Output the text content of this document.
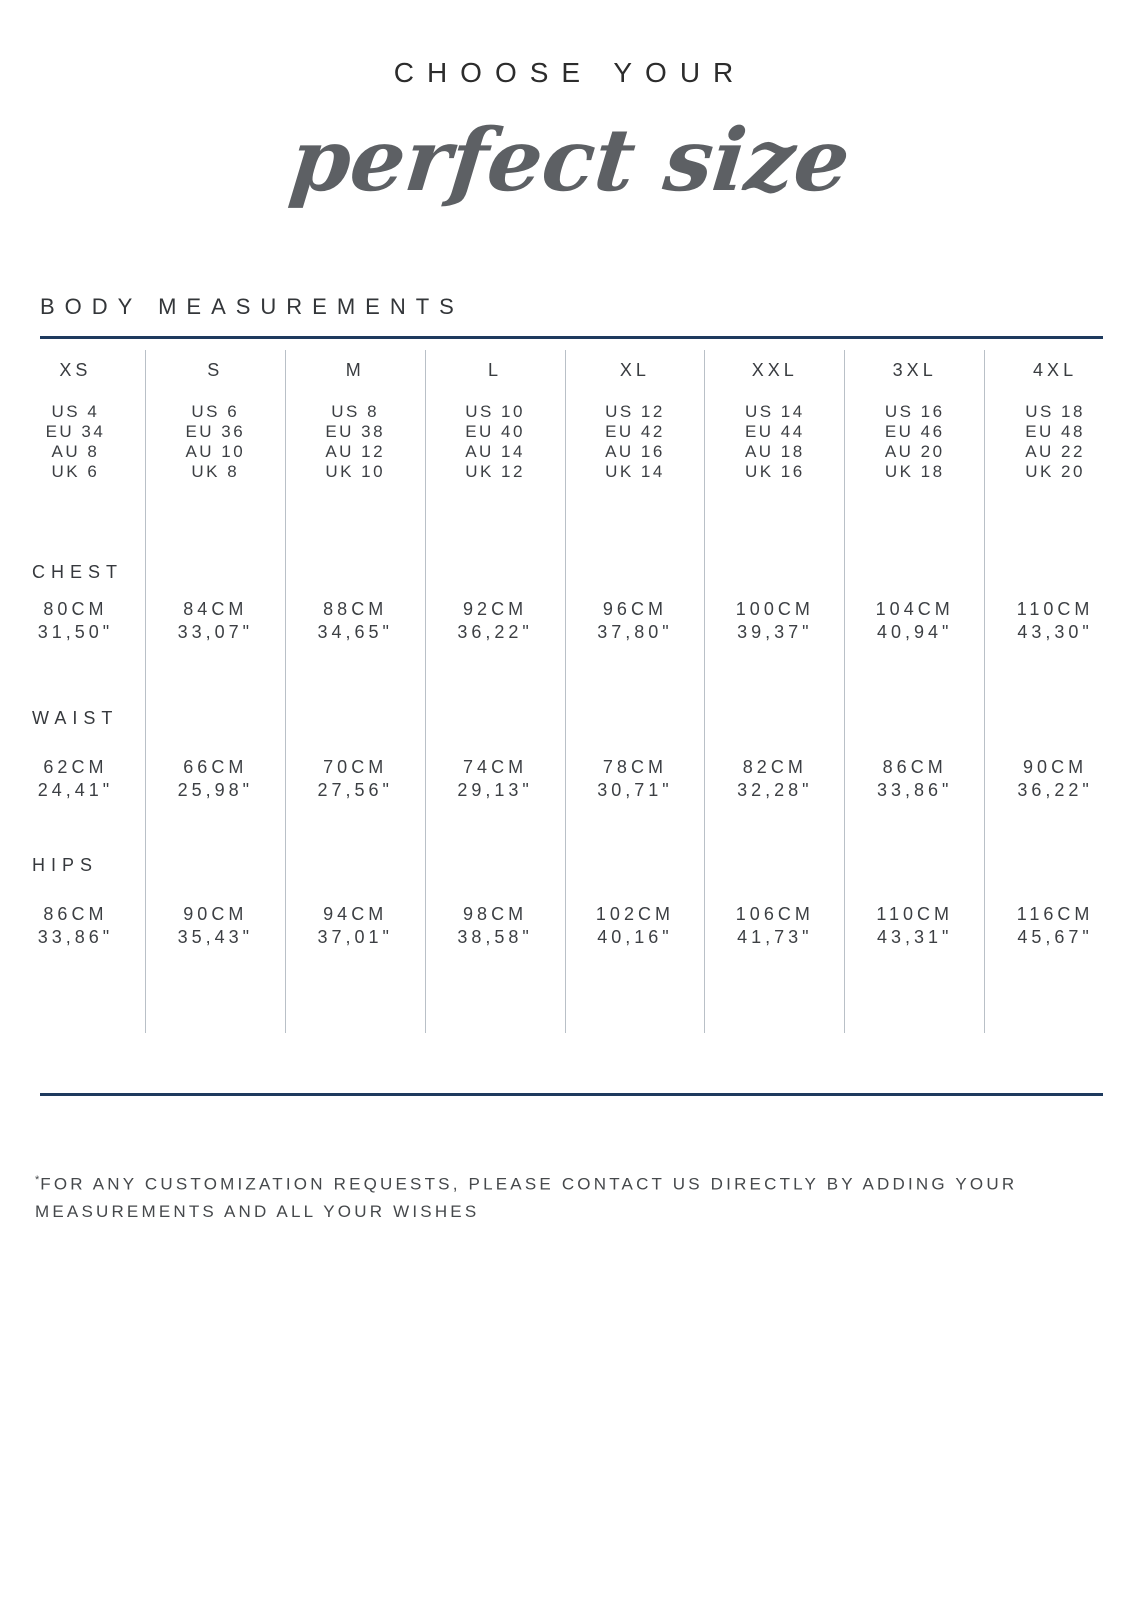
CHOOSE YOUR
perfect size
BODY MEASUREMENTS
XS
US 4
EU 34
AU 8
UK 6
80CM
31,50"
62CM
24,41"
86CM
33,86"
S
US 6
EU 36
AU 10
UK 8
84CM
33,07"
66CM
25,98"
90CM
35,43"
M
US 8
EU 38
AU 12
UK 10
88CM
34,65"
70CM
27,56"
94CM
37,01"
L
US 10
EU 40
AU 14
UK 12
92CM
36,22"
74CM
29,13"
98CM
38,58"
XL
US 12
EU 42
AU 16
UK 14
96CM
37,80"
78CM
30,71"
102CM
40,16"
XXL
US 14
EU 44
AU 18
UK 16
100CM
39,37"
82CM
32,28"
106CM
41,73"
3XL
US 16
EU 46
AU 20
UK 18
104CM
40,94"
86CM
33,86"
110CM
43,31"
4XL
US 18
EU 48
AU 22
UK 20
110CM
43,30"
90CM
36,22"
116CM
45,67"
CHEST
WAIST
HIPS
*FOR ANY CUSTOMIZATION REQUESTS, PLEASE CONTACT US DIRECTLY BY ADDING YOUR MEASUREMENTS AND ALL YOUR WISHES
